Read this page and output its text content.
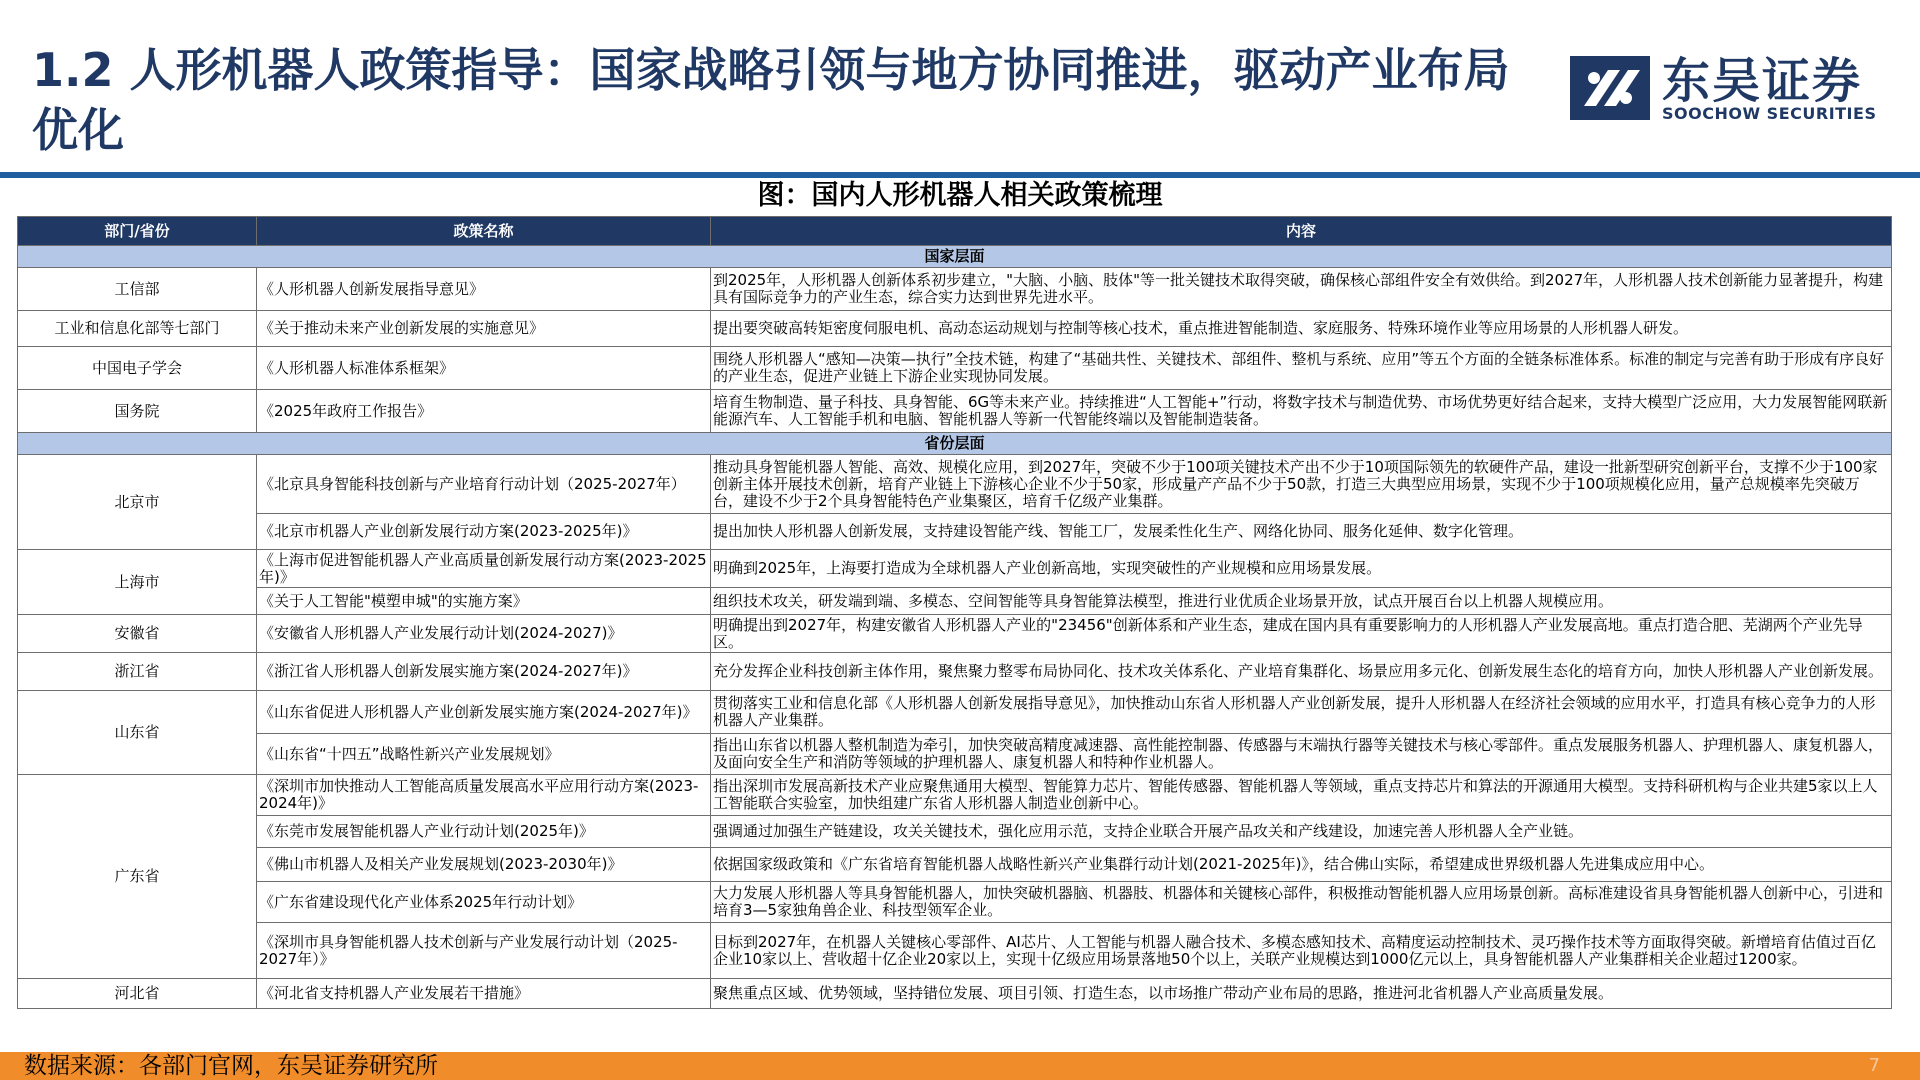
1.2 人形机器人政策指导：国家战略引领与地方协同推进，驱动产业布局优化
东吴证券
SOOCHOW SECURITIES
图：国内人形机器人相关政策梳理
部门/省份	政策名称	内容
国家层面		
工信部	《人形机器人创新发展指导意见》	到2025年，人形机器人创新体系初步建立，"大脑、小脑、肢体"等一批关键技术取得突破，确保核心部组件安全有效供给。到2027年，人形机器人技术创新能力显著提升，构建具有国际竞争力的产业生态，综合实力达到世界先进水平。
工业和信息化部等七部门	《关于推动未来产业创新发展的实施意见》	提出要突破高转矩密度伺服电机、高动态运动规划与控制等核心技术，重点推进智能制造、家庭服务、特殊环境作业等应用场景的人形机器人研发。
中国电子学会	《人形机器人标准体系框架》	围绕人形机器人“感知—决策—执行”全技术链，构建了“基础共性、关键技术、部组件、整机与系统、应用”等五个方面的全链条标准体系。标准的制定与完善有助于形成有序良好的产业生态，促进产业链上下游企业实现协同发展。
国务院	《2025年政府工作报告》	培育生物制造、量子科技、具身智能、6G等未来产业。持续推进“人工智能+”行动，将数字技术与制造优势、市场优势更好结合起来，支持大模型广泛应用，大力发展智能网联新能源汽车、人工智能手机和电脑、智能机器人等新一代智能终端以及智能制造装备。
省份层面		
北京市	《北京具身智能科技创新与产业培育行动计划（2025-2027年）	推动具身智能机器人智能、高效、规模化应用，到2027年，突破不少于100项关键技术产出不少于10项国际领先的软硬件产品，建设一批新型研究创新平台，支撑不少于100家创新主体开展技术创新，培育产业链上下游核心企业不少于50家，形成量产产品不少于50款，打造三大典型应用场景，实现不少于100项规模化应用，量产总规模率先突破万台，建设不少于2个具身智能特色产业集聚区，培育千亿级产业集群。
	《北京市机器人产业创新发展行动方案(2023-2025年)》	提出加快人形机器人创新发展，支持建设智能产线、智能工厂，发展柔性化生产、网络化协同、服务化延伸、数字化管理。
上海市	《上海市促进智能机器人产业高质量创新发展行动方案(2023-2025年)》	明确到2025年，上海要打造成为全球机器人产业创新高地，实现突破性的产业规模和应用场景发展。
	《关于人工智能"模塑申城"的实施方案》	组织技术攻关，研发端到端、多模态、空间智能等具身智能算法模型，推进行业优质企业场景开放，试点开展百台以上机器人规模应用。
安徽省	《安徽省人形机器人产业发展行动计划(2024-2027)》	明确提出到2027年，构建安徽省人形机器人产业的"23456"创新体系和产业生态，建成在国内具有重要影响力的人形机器人产业发展高地。重点打造合肥、芜湖两个产业先导区。
浙江省	《浙江省人形机器人创新发展实施方案(2024-2027年)》	充分发挥企业科技创新主体作用，聚焦聚力整零布局协同化、技术攻关体系化、产业培育集群化、场景应用多元化、创新发展生态化的培育方向，加快人形机器人产业创新发展。
山东省	《山东省促进人形机器人产业创新发展实施方案(2024-2027年)》	贯彻落实工业和信息化部《人形机器人创新发展指导意见》，加快推动山东省人形机器人产业创新发展，提升人形机器人在经济社会领域的应用水平，打造具有核心竞争力的人形机器人产业集群。
	《山东省“十四五”战略性新兴产业发展规划》	指出山东省以机器人整机制造为牵引，加快突破高精度减速器、高性能控制器、传感器与末端执行器等关键技术与核心零部件。重点发展服务机器人、护理机器人、康复机器人，及面向安全生产和消防等领域的护理机器人、康复机器人和特种作业机器人。
广东省	《深圳市加快推动人工智能高质量发展高水平应用行动方案(2023-2024年)》	指出深圳市发展高新技术产业应聚焦通用大模型、智能算力芯片、智能传感器、智能机器人等领域，重点支持芯片和算法的开源通用大模型。支持科研机构与企业共建5家以上人工智能联合实验室，加快组建广东省人形机器人制造业创新中心。
	《东莞市发展智能机器人产业行动计划(2025年)》	强调通过加强生产链建设，攻关关键技术，强化应用示范，支持企业联合开展产品攻关和产线建设，加速完善人形机器人全产业链。
	《佛山市机器人及相关产业发展规划(2023-2030年)》	依据国家级政策和《广东省培育智能机器人战略性新兴产业集群行动计划(2021-2025年)》，结合佛山实际，希望建成世界级机器人先进集成应用中心。
	《广东省建设现代化产业体系2025年行动计划》	大力发展人形机器人等具身智能机器人，加快突破机器脑、机器肢、机器体和关键核心部件，积极推动智能机器人应用场景创新。高标准建设省具身智能机器人创新中心，引进和培育3—5家独角兽企业、科技型领军企业。
	《深圳市具身智能机器人技术创新与产业发展行动计划（2025-2027年）》	目标到2027年，在机器人关键核心零部件、AI芯片、人工智能与机器人融合技术、多模态感知技术、高精度运动控制技术、灵巧操作技术等方面取得突破。新增培育估值过百亿企业10家以上、营收超十亿企业20家以上，实现十亿级应用场景落地50个以上，关联产业规模达到1000亿元以上，具身智能机器人产业集群相关企业超过1200家。
河北省	《河北省支持机器人产业发展若干措施》	聚焦重点区域、优势领域，坚持错位发展、项目引领、打造生态，以市场推广带动产业布局的思路，推进河北省机器人产业高质量发展。
数据来源：各部门官网，东吴证券研究所	7
